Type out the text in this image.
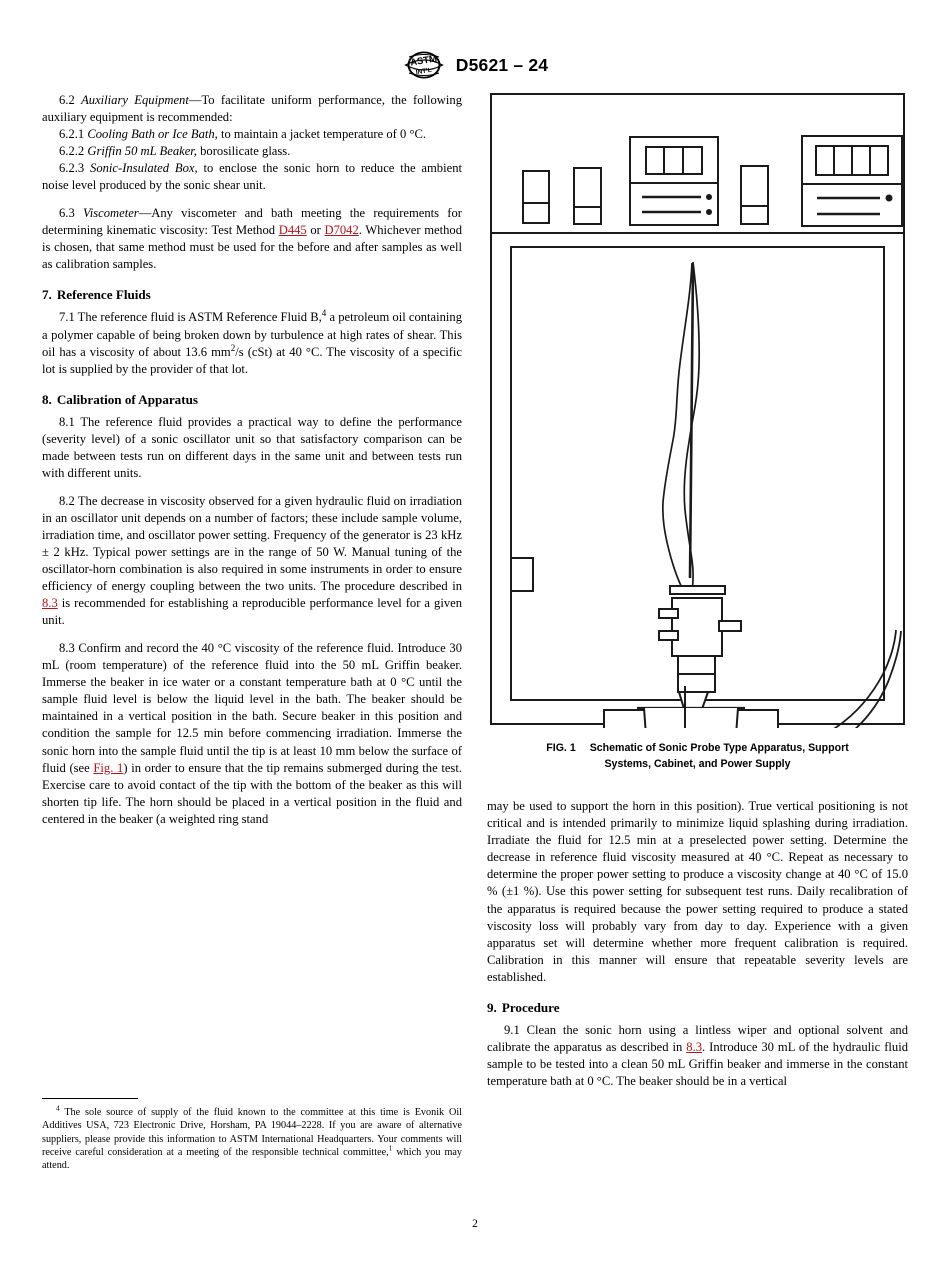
ASTM
INT'L D5621 – 24

6.2 Auxiliary Equipment—To facilitate uniform performance, the following auxiliary equipment is recommended:

6.2.1 Cooling Bath or Ice Bath, to maintain a jacket temperature of 0 °C.

6.2.2 Griffin 50 mL Beaker, borosilicate glass.

6.2.3 Sonic-Insulated Box, to enclose the sonic horn to reduce the ambient noise level produced by the sonic shear unit.

6.3 Viscometer—Any viscometer and bath meeting the requirements for determining kinematic viscosity: Test Method D445 or D7042. Whichever method is chosen, that same method must be used for the before and after samples as well as calibration samples.

7. Reference Fluids

7.1 The reference fluid is ASTM Reference Fluid B,$^4$ a petroleum oil containing a polymer capable of being broken down by turbulence at high rates of shear. This oil has a viscosity of about 13.6 $mm^2/s$ (cSt) at 40 °C. The viscosity of a specific lot is supplied by the provider of that lot.

8. Calibration of Apparatus

8.1 The reference fluid provides a practical way to define the performance (severity level) of a sonic oscillator unit so that satisfactory comparison can be made between tests run on different days in the same unit and between tests run with different units.

8.2 The decrease in viscosity observed for a given hydraulic fluid on irradiation in an oscillator unit depends on a number of factors; these include sample volume, irradiation time, and oscillator power setting. Frequency of the generator is 23 kHz ± 2 kHz. Typical power settings are in the range of 50 W. Manual tuning of the oscillator-horn combination is also required in some instruments in order to ensure efficiency of energy coupling between the two units. The procedure described in 8.3 is recommended for establishing a reproducible performance level for a given unit.

8.3 Confirm and record the 40 °C viscosity of the reference fluid. Introduce 30 mL (room temperature) of the reference fluid into the 50 mL Griffin beaker. Immerse the beaker in ice water or a constant temperature bath at 0 °C until the sample fluid level is below the liquid level in the bath. The beaker should be maintained in a vertical position in the bath. Secure beaker in this position and condition the sample for 12.5 min before commencing irradiation. Immerse the sonic horn into the sample fluid until the tip is at least 10 mm below the surface of fluid (see Fig. 1) in order to ensure that the tip remains submerged during the test. Exercise care to avoid contact of the tip with the bottom of the beaker as this will shorten tip life. The horn should be placed in a vertical position in the fluid and centered in the beaker (a weighted ring stand

$^4$ The sole source of supply of the fluid known to the committee at this time is Evonik Oil Additives USA, 723 Electronic Drive, Horsham, PA 19044–2228. If you are aware of alternative suppliers, please provide this information to ASTM International Headquarters. Your comments will receive careful consideration at a meeting of the responsible technical committee,$^1$ which you may attend.
FIG. 1 Schematic of Sonic Probe Type Apparatus, Support
Systems, Cabinet, and Power Supply

may be used to support the horn in this position). True vertical positioning is not critical and is intended primarily to minimize liquid splashing during irradiation. Irradiate the fluid for 12.5 min at a preselected power setting. Determine the decrease in reference fluid viscosity measured at 40 °C. Repeat as necessary to determine the proper power setting to produce a viscosity change at 40 °C of 15.0 % (±1 %). Use this power setting for subsequent test runs. Daily recalibration of the apparatus is required because the power setting required to produce a stated viscosity loss will probably vary from day to day. Experience with a given apparatus set will determine whether more frequent calibration is required. Calibration in this manner will ensure that repeatable severity levels are established.

9. Procedure

9.1 Clean the sonic horn using a lintless wiper and optional solvent and calibrate the apparatus as described in 8.3. Introduce 30 mL of the hydraulic fluid sample to be tested into a clean 50 mL Griffin beaker and immerse in the constant temperature bath at 0 °C. The beaker should be in a vertical

2
